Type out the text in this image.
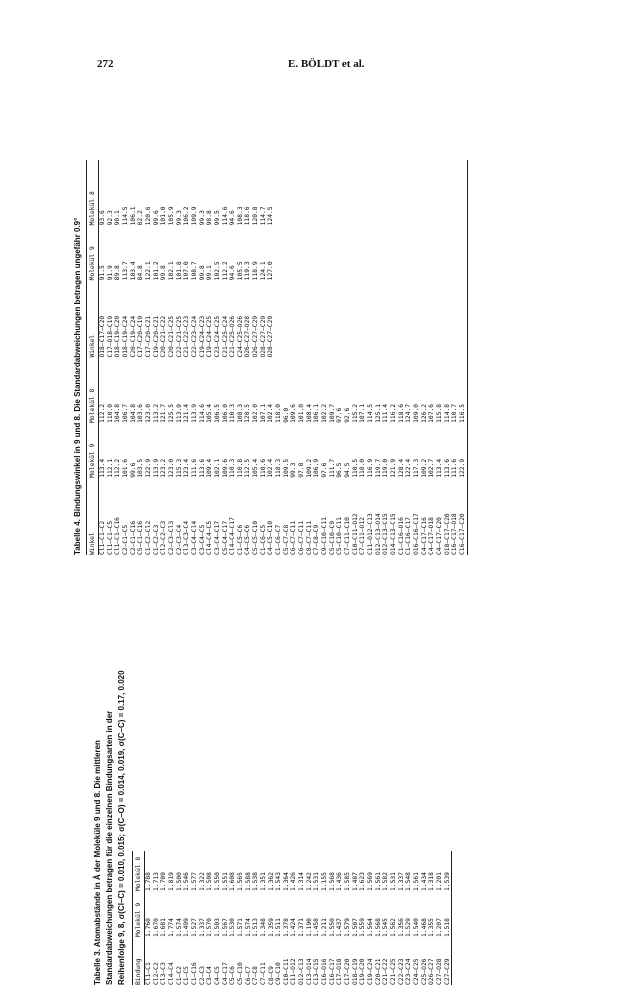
272	E. BÖLDT et al.
Tabelle 3. Atomabstände in Å der Moleküle 9 und 8. Die mittleren Standardabweichungen betragen für die einzelnen Bindungsarten in der Reihenfolge 9, 8, σ(Cl–C) = 0.010, 0.015; σ(C–O) = 0.014, 0.019, σ(C–C) = 0.17, 0.020	Bindung	Molekül 9	Molekül 8
Cl1–C1	1.760	1.788
Cl2–C2	1.670	1.713
Cl3–C3	1.681	1.709
Cl4–C4	1.774	1.819
C1–C2	1.574	1.500
C1–C5	1.499	1.546
C1–C16	1.527	1.577
C2–C3	1.337	1.322
C3–C4	1.570	1.508
C4–C5	1.503	1.550
C4–C17	1.567	1.551
C5–C6	1.530	1.608
C5–C10	1.571	1.565
C6–C7	1.574	1.588
C7–C8	1.513	1.538
C7–C11	1.348	1.351
C8–C9	1.359	1.362
C9–C10	1.511	1.543
C10–C11	1.378	1.364
C11–O12	1.424	1.426
O12–C13	1.371	1.314
C13–O14	1.190	1.242
C13–C15	1.458	1.531
C16–O16	1.211	1.155
C16–C17	1.550	1.568
C17–O18	1.437	1.436
C17–C20	1.579	1.585
O18–C19	1.507	1.487
C19–C20	1.559	1.623
C19–C24	1.564	1.569
C20–C21	1.568	1.561
C21–C22	1.545	1.582
C21–C25	1.562	1.531
C22–C23	1.356	1.337
C23–C24	1.529	1.548
C24–C25	1.540	1.561
C25–O26	1.468	1.434
O26–C27	1.355	1.318
C27–O28	1.207	1.201
C27–C29	1.518	1.539
Tabelle 4. Bindungswinkel in 9 und 8. Die Standardabweichungen betragen ungefähr 0.9°	Winkel	Molekül 9	Molekül 8	Winkel	Molekül 9	Molekül 8
Cl1–C1–C2	113.4	112.2	O18–C17–C20	91.5	93.6
Cl1–C1–C5	112.1	110.0	C17–O18–C19	91.9	92.3
Cl1–C1–C16	112.2	104.8	O18–C19–C20	89.8	90.1
C2–C1–C5	101.6	106.7	O18–C19–C24	113.7	114.5
C2–C1–C16	99.6	104.8	C20–C19–C24	103.4	106.1
C5–C1–C16	103.5	103.6	C17–C20–C19	84.8	82.2
C1–C2–Cl2	122.9	123.0	C17–C20–C21	122.1	120.6
C1–C2–C3	113.9	113.2	C19–C20–C21	101.2	99.6
Cl2–C2–C3	123.2	121.7	C20–C21–C22	99.8	101.0
C2–C3–Cl3	123.0	125.5	C20–C21–C25	102.1	105.9
C2–C3–C4	115.3	113.0	C22–C21–C25	101.8	99.3
Cl3–C3–C4	123.4	121.4	C21–C22–C23	107.0	106.2
C3–C4–Cl4	111.6	113.9	C22–C23–C24	108.7	109.9
C3–C4–C5	113.6	114.6	C19–C24–C23	99.8	99.3
Cl4–C4–C5	109.4	105.4	C19–C24–C25	99.1	98.8
C3–C4–C17	102.1	106.5	C23–C24–C25	102.5	99.5
C5–C4–C17	109.6	106.0	C21–C25–C24	112.2	114.6
Cl4–C4–C17	110.3	110.3	C21–C25–O26	94.6	94.6
C1–C5–C6	110.8	108.3	C24–C25–O26	105.5	108.3
C4–C5–C6	112.5	120.5	O26–C27–O28	119.3	118.6
C5–C5–C10	105.4	102.0	O26–C27–C29	118.9	120.8
C1–C6–C5	110.6	107.1	O28–C27–C29	124.1	114.7
C4–C5–C10	102.4	102.4	O28–C27–C29	127.0	124.5
C1–C6–C7	118.3	118.0			
C5–C7–C8	109.5	96.0			
C6–C7–C11	99.3	109.6			
C6–C7–C11	97.8	101.0			
C8–C7–C11	109.2	108.4			
C7–C8–C9	106.9	106.1			
C9–C10–C11	97.6	102.2			
C5–C10–C9	111.7	109.7			
C5–C10–C11	96.5	97.6			
C7–C11–C10	94.5	92.6			
C10–C11–O12	110.5	115.2			
C7–C11–O12	118.0	107.1			
C11–O12–C13	116.9	114.5			
O12–C13–O14	119.7	125.1			
O12–C13–C15	119.0	111.4			
O14–C13–C15	121.9	116.2			
C1–C16–O16	128.4	118.6			
C1–C16–C17	122.4	124.7			
O16–C16–C17	117.3	109.0			
C4–C17–C16	109.2	126.2			
C4–C17–O18	102.7	107.6			
C4–C17–C20	113.4	115.8			
O18–C17–C20	113.6	114.8			
C16–C17–O18	111.6	110.7			
C16–C17–C20	122.9	116.5			
